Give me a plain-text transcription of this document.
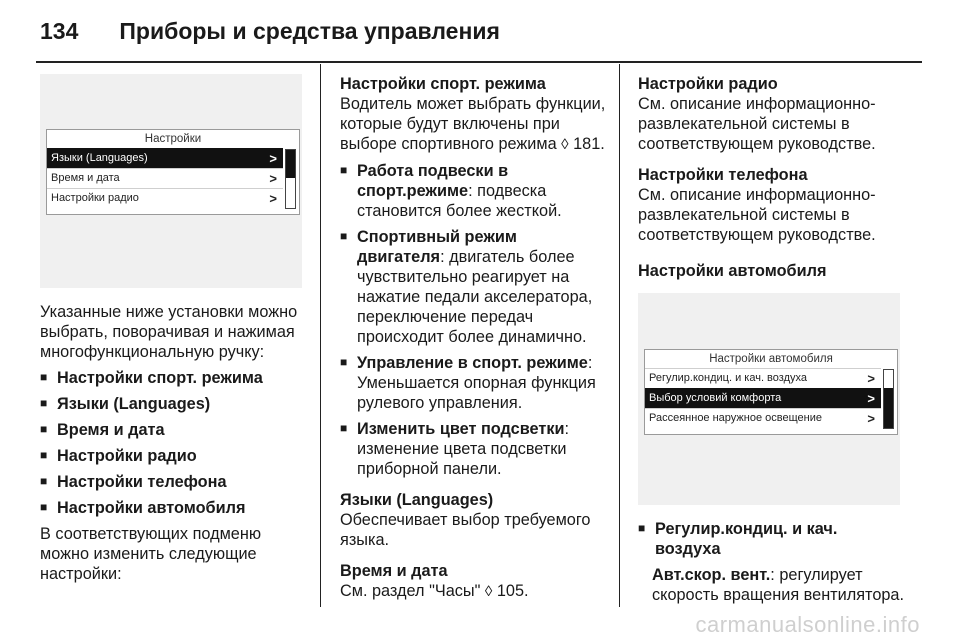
134 Приборы и средства управления
Настройки
Языки (Languages)	>
Время и дата	>
Настройки радио	>

Указанные ниже установки можно выбрать, поворачивая и нажимая многофункциональную ручку:

■ Настройки спорт. режима

■ Языки (Languages)

■ Время и дата

■ Настройки радио

■ Настройки телефона

■ Настройки автомобиля

В соответствующих подменю можно изменить следующие настройки:

Настройки спорт. режима

Водитель может выбрать функции, которые будут включены при выборе спортивного режима ◊ 181.

■ Работа подвески в спорт.режиме: подвеска становится более жесткой.

■ Спортивный режим двигателя: двигатель более чувствительно реагирует на нажатие педали акселератора, переключение передач происходит более динамично.

■ Управление в спорт. режиме: Уменьшается опорная функция рулевого управления.

■ Изменить цвет подсветки: изменение цвета подсветки приборной панели.

Языки (Languages)

Обеспечивает выбор требуемого языка.

Время и дата

См. раздел "Часы" ◊ 105.

Настройки радио

См. описание информационно-развлекательной системы в соответствующем руководстве.

Настройки телефона

См. описание информационно-развлекательной системы в соответствующем руководстве.

Настройки автомобиля

Настройки автомобиля
Регулир.кондиц. и кач. воздуха	>
Выбор условий комфорта	>
Рассеянное наружное освещение	>

■ Регулир.кондиц. и кач. воздуха

Авт.скор. вент.: регулирует скорость вращения вентилятора.

carmanualsonline.info
